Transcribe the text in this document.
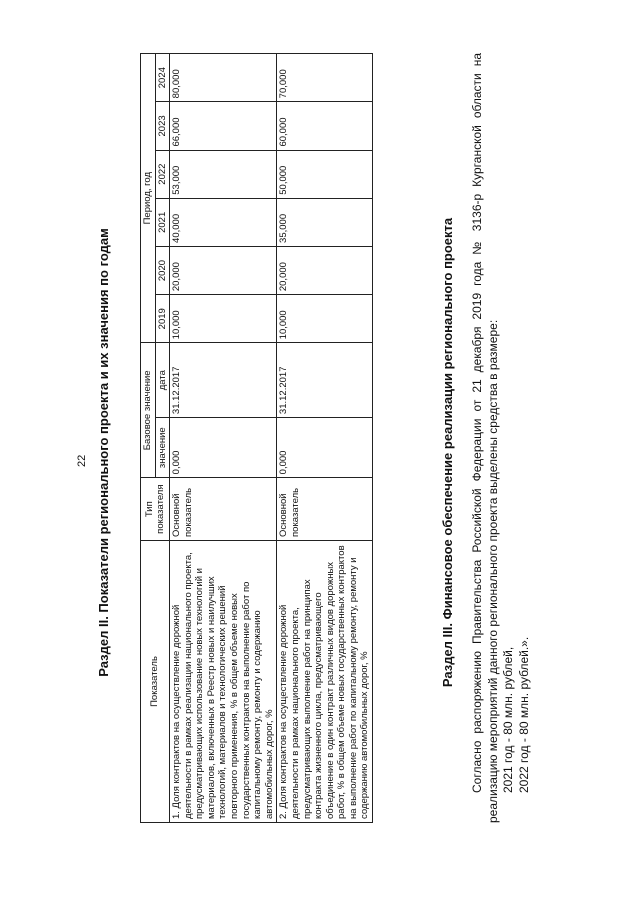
22 Раздел II. Показатели регионального проекта и их значения по годам
Показатель	Тип показателя	Базовое значение		Период, год					
		значение	дата	2019	2020	2021	2022	2023	2024
1. Доля контрактов на осуществление дорожной деятельности в рамках реализации национального проекта, предусматривающих использование новых технологий и материалов, включенных в Реестр новых и наилучших технологий, материалов и технологических решений повторного применения, % в общем объеме новых государственных контрактов на выполнение работ по капитальному ремонту, ремонту и содержанию автомобильных дорог, %	Основной показатель	0,000	31.12.2017	10,000	20,000	40,000	53,000	66,000	80,000
2. Доля контрактов на осуществление дорожной деятельности в рамках национального проекта, предусматривающих выполнение работ на принципах контракта жизненного цикла, предусматривающего объединение в один контракт различных видов дорожных работ, % в общем объеме новых государственных контрактов на выполнение работ по капитальному ремонту, ремонту и содержанию автомобильных дорог, %	Основной показатель	0,000	31.12.2017	10,000	20,000	35,000	50,000	60,000	70,000
Раздел III. Финансовое обеспечение реализации регионального проекта Согласно распоряжению Правительства Российской Федерации от 21 декабря 2019 года № 3136-р Курганской области на реализацию мероприятий данного регионального проекта выделены средства в размере: 2021 год - 80 млн. рублей, 2022 год - 80 млн. рублей.».
